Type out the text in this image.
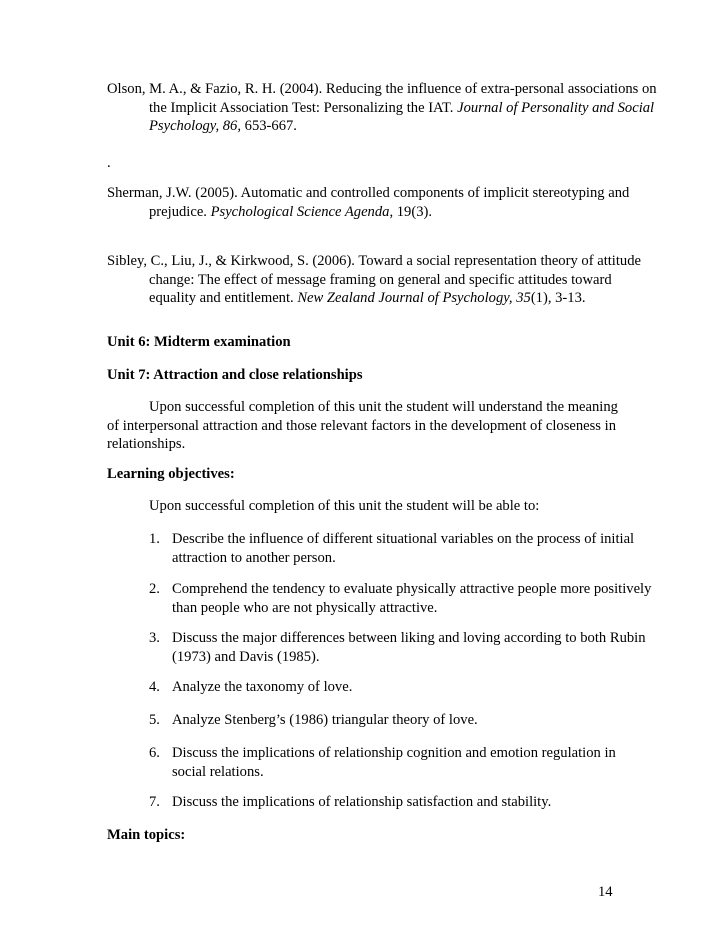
Olson, M. A., & Fazio, R. H. (2004). Reducing the influence of extra-personal associations on the Implicit Association Test: Personalizing the IAT. Journal of Personality and Social Psychology, 86, 653-667.
.
Sherman, J.W. (2005). Automatic and controlled components of implicit stereotyping and prejudice. Psychological Science Agenda, 19(3).
Sibley, C., Liu, J., & Kirkwood, S. (2006). Toward a social representation theory of attitude change: The effect of message framing on general and specific attitudes toward equality and entitlement. New Zealand Journal of Psychology, 35(1), 3-13.
Unit 6: Midterm examination
Unit 7: Attraction and close relationships
Upon successful completion of this unit the student will understand the meaning of interpersonal attraction and those relevant factors in the development of closeness in relationships.
Learning objectives:
Upon successful completion of this unit the student will be able to:
1. Describe the influence of different situational variables on the process of initial attraction to another person.
2. Comprehend the tendency to evaluate physically attractive people more positively than people who are not physically attractive.
3. Discuss the major differences between liking and loving according to both Rubin (1973) and Davis (1985).
4. Analyze the taxonomy of love.
5. Analyze Stenberg’s (1986) triangular theory of love.
6. Discuss the implications of relationship cognition and emotion regulation in social relations.
7. Discuss the implications of relationship satisfaction and stability.
Main topics:
14
